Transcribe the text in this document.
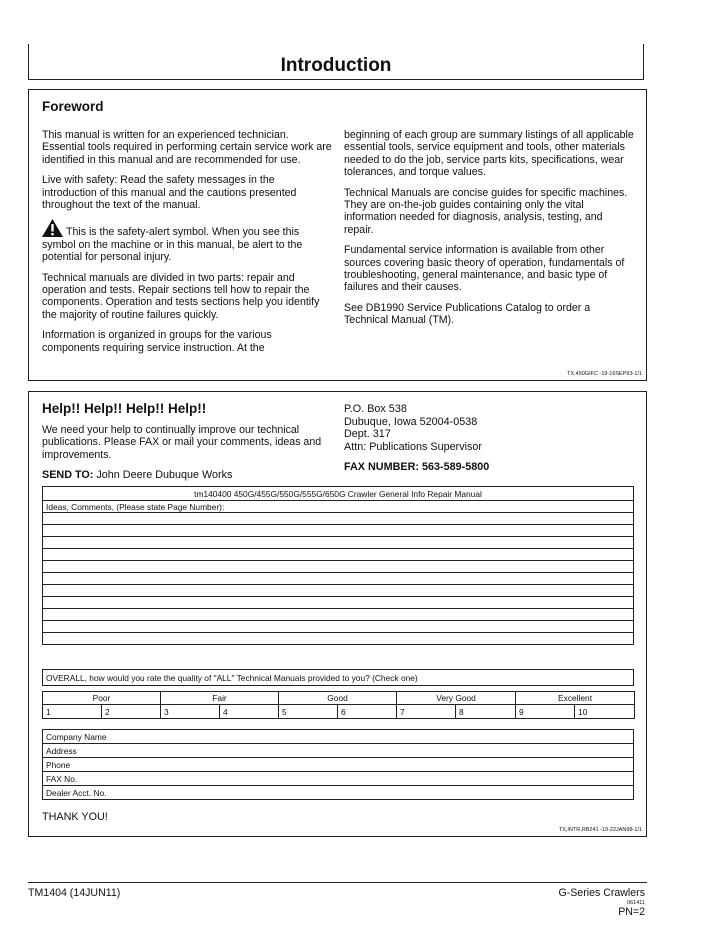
Introduction
Foreword

This manual is written for an experienced technician. Essential tools required in performing certain service work are identified in this manual and are recommended for use.

Live with safety: Read the safety messages in the introduction of this manual and the cautions presented throughout the text of the manual.

This is the safety-alert symbol. When you see this symbol on the machine or in this manual, be alert to the potential for personal injury.

Technical manuals are divided in two parts: repair and operation and tests. Repair sections tell how to repair the components. Operation and tests sections help you identify the majority of routine failures quickly.

Information is organized in groups for the various components requiring service instruction. At the

beginning of each group are summary listings of all applicable essential tools, service equipment and tools, other materials needed to do the job, service parts kits, specifications, wear tolerances, and torque values.

Technical Manuals are concise guides for specific machines. They are on-the-job guides containing only the vital information needed for diagnosis, analysis, testing, and repair.

Fundamental service information is available from other sources covering basic theory of operation, fundamentals of troubleshooting, general maintenance, and basic type of failures and their causes.

See DB1990 Service Publications Catalog to order a Technical Manual (TM).

TX,450GIFC -19-16SEP93-1/1
Help!! Help!! Help!! Help!!
We need your help to continually improve our technical publications. Please FAX or mail your comments, ideas and improvements.
SEND TO: John Deere Dubuque Works
P.O. Box 538
Dubuque, Iowa 52004-0538
Dept. 317
Attn: Publications Supervisor
FAX NUMBER: 563-589-5800
tm140400 450G/455G/550G/555G/650G Crawler General Info Repair Manual
Ideas, Comments, (Please state Page Number):

OVERALL, how would you rate the quality of "ALL" Technical Manuals provided to you? (Check one)
Poor		Fair		Good		Very Good		Excellent	
1	2	3	4	5	6	7	8	9	10
Company Name
Address
Phone
FAX No.
Dealer Acct. No.
THANK YOU!
TX,INTR,RB241 -19-22JAN98-1/1
TM1404 (14JUN11)	G-Series Crawlers
061411
PN=2
